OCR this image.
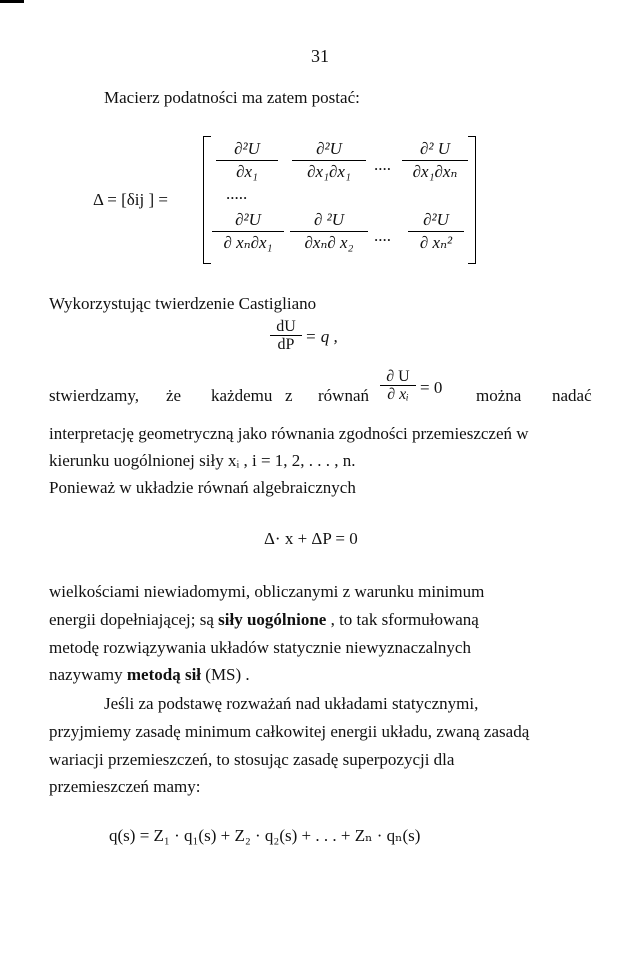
31
Macierz podatności ma zatem postać:
Δ = [δij ] =
$\frac{\text{∂²U}}{\text{∂x₁}} \frac{\text{∂²U}}{\text{∂x₁∂x₁}}$ .... $\frac{\text{∂² U}}{\text{∂x₁∂xₙ}}$
.....
$\frac{\text{∂²U}}{\text{∂ xₙ∂x₁}} \frac{\text{∂ ²U}}{\text{∂xₙ∂ x₂}}$ .... $\frac{\text{∂²U}}{\text{∂ xₙ²}}$
Wykorzystując twierdzenie Castigliano
$\frac{dU}{dP} = q$ ,
stwierdzamy, że każdemu z równań $\frac{\partial U}{\text{∂ xᵢ}} = 0$ można nadać
interpretację geometryczną jako równania zgodności przemieszczeń w
kierunku uogólnionej siły xᵢ , i = 1, 2, . . . , n.
Ponieważ w układzie równań algebraicznych
Δ· x + ΔP = 0
wielkościami niewiadomymi, obliczanymi z warunku minimum
energii dopełniającej; są siły uogólnione , to tak sformułowaną
metodę rozwiązywania układów statycznie niewyznaczalnych
nazywamy metodą sił (MS) .
Jeśli za podstawę rozważań nad układami statycznymi,
przyjmiemy zasadę minimum całkowitej energii układu, zwaną zasadą
wariacji przemieszczeń, to stosując zasadę superpozycji dla
przemieszczeń mamy:
q(s) = Z₁ · q₁(s) + Z₂ · q₂(s) + . . . + Zₙ · qₙ(s)
